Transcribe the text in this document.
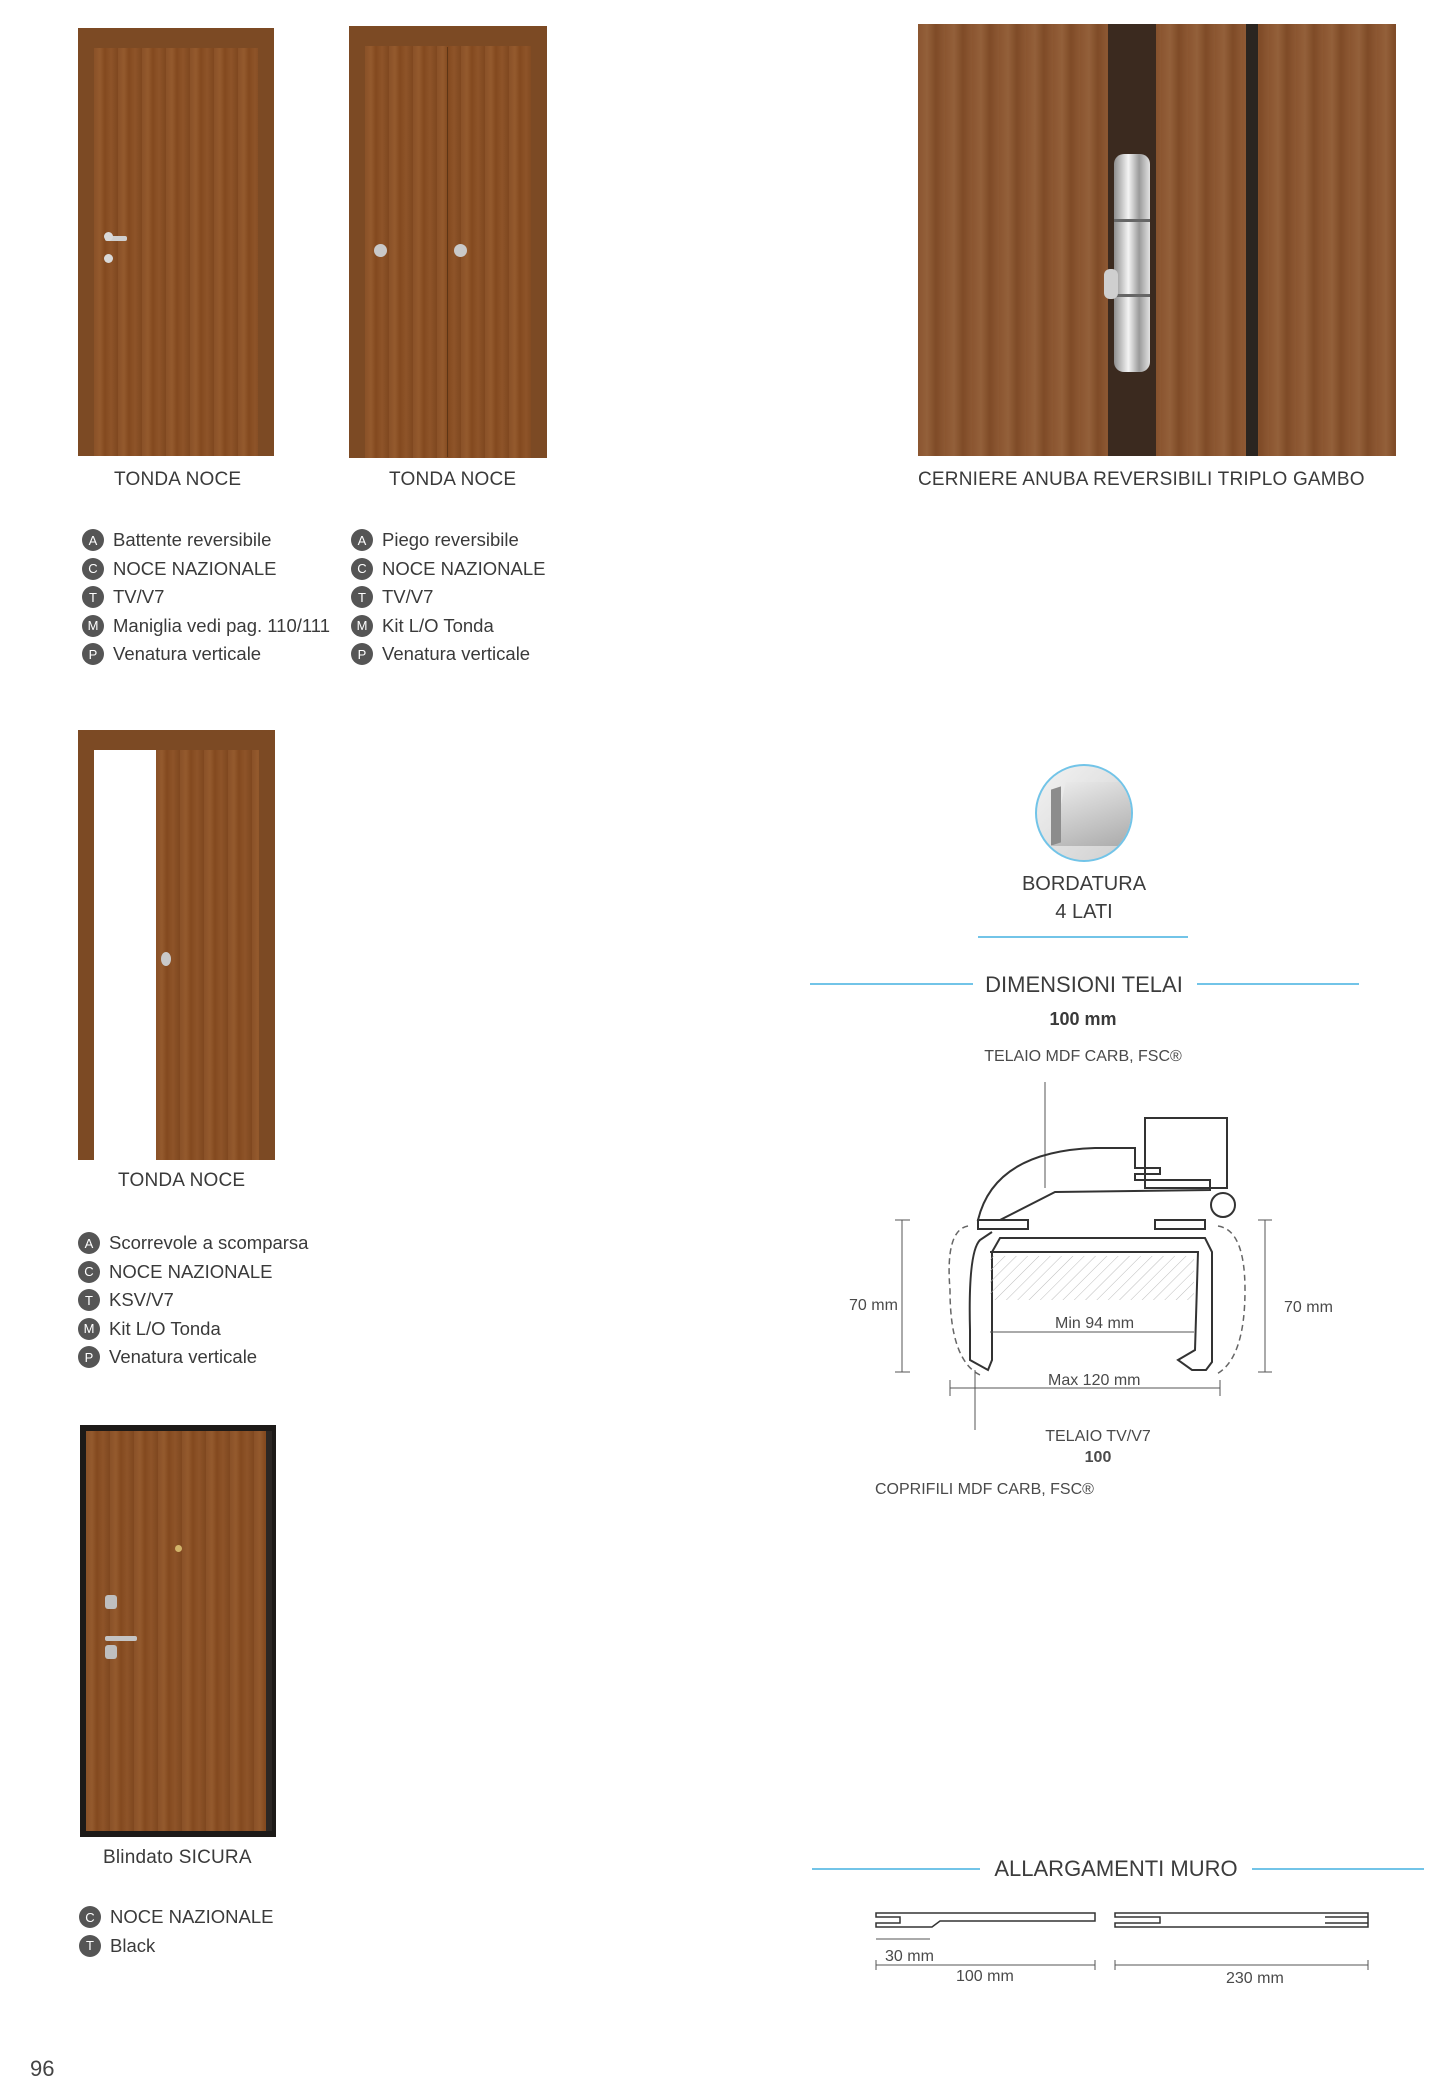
TONDA NOCE
A Battente reversibile
C NOCE NAZIONALE
T TV/V7
M Maniglia vedi pag. 110/111
P Venatura verticale
TONDA NOCE
A Piego reversibile
C NOCE NAZIONALE
T TV/V7
M Kit L/O Tonda
P Venatura verticale
CERNIERE ANUBA REVERSIBILI TRIPLO GAMBO
TONDA NOCE
A Scorrevole a scomparsa
C NOCE NAZIONALE
T KSV/V7
M Kit L/O Tonda
P Venatura verticale
Blindato SICURA
C NOCE NAZIONALE
T Black
BORDATURA
4 LATI
DIMENSIONI TELAI
100 mm
TELAIO MDF CARB, FSC®
70 mm	70 mm
Min 94 mm
Max 120 mm
TELAIO TV/V7
100
COPRIFILI MDF CARB, FSC®
ALLARGAMENTI MURO
30 mm
100 mm	230 mm
96
